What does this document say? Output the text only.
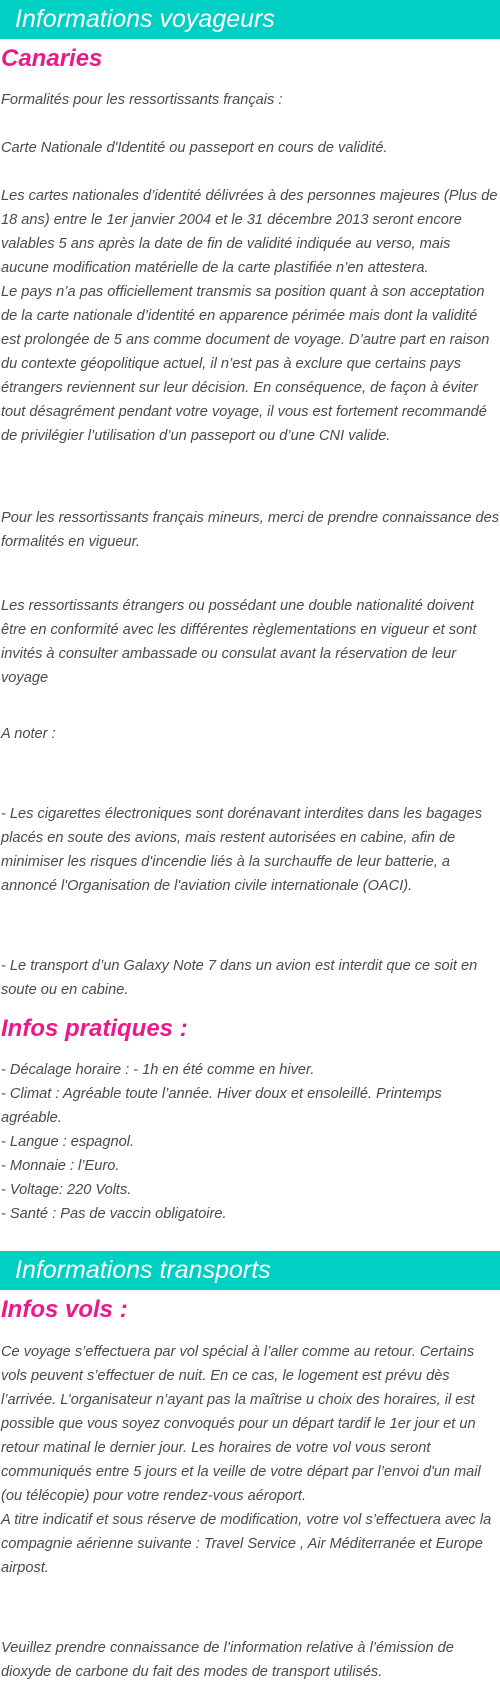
Informations voyageurs
Canaries

Formalités pour les ressortissants français :

Carte Nationale d'Identité ou passeport en cours de validité.

Les cartes nationales d’identité délivrées à des personnes majeures (Plus de 18 ans) entre le 1er janvier 2004 et le 31 décembre 2013 seront encore valables 5 ans après la date de fin de validité indiquée au verso, mais aucune modification matérielle de la carte plastifiée n’en attestera.

Le pays n’a pas officiellement transmis sa position quant à son acceptation de la carte nationale d’identité en apparence périmée mais dont la validité est prolongée de 5 ans comme document de voyage. D’autre part en raison du contexte géopolitique actuel, il n’est pas à exclure que certains pays étrangers reviennent sur leur décision. En conséquence, de façon à éviter tout désagrément pendant votre voyage, il vous est fortement recommandé de privilégier l’utilisation d’un passeport ou d’une CNI valide.

Pour les ressortissants français mineurs, merci de prendre connaissance des formalités en vigueur.

Les ressortissants étrangers ou possédant une double nationalité doivent être en conformité avec les différentes règlementations en vigueur et sont invités à consulter ambassade ou consulat avant la réservation de leur voyage

A noter :

- Les cigarettes électroniques sont dorénavant interdites dans les bagages placés en soute des avions, mais restent autorisées en cabine, afin de minimiser les risques d'incendie liés à la surchauffe de leur batterie, a annoncé l'Organisation de l'aviation civile internationale (OACI).

- Le transport d’un Galaxy Note 7 dans un avion est interdit que ce soit en soute ou en cabine.

Infos pratiques :

- Décalage horaire : - 1h en été comme en hiver.
- Climat : Agréable toute l’année. Hiver doux et ensoleillé. Printemps agréable.
- Langue : espagnol.
- Monnaie : l’Euro.
- Voltage: 220 Volts.
- Santé : Pas de vaccin obligatoire.

Informations transports
Infos vols :

Ce voyage s’effectuera par vol spécial à l’aller comme au retour. Certains vols peuvent s’effectuer de nuit. En ce cas, le logement est prévu dès l’arrivée. L’organisateur n’ayant pas la maîtrise u choix des horaires, il est possible que vous soyez convoqués pour un départ tardif le 1er jour et un retour matinal le dernier jour. Les horaires de votre vol vous seront communiqués entre 5 jours et la veille de votre départ par l’envoi d'un mail (ou télécopie) pour votre rendez-vous aéroport.

A titre indicatif et sous réserve de modification, votre vol s’effectuera avec la compagnie aérienne suivante : Travel Service , Air Méditerranée et Europe airpost.

Veuillez prendre connaissance de l’information relative à l’émission de dioxyde de carbone du fait des modes de transport utilisés.
